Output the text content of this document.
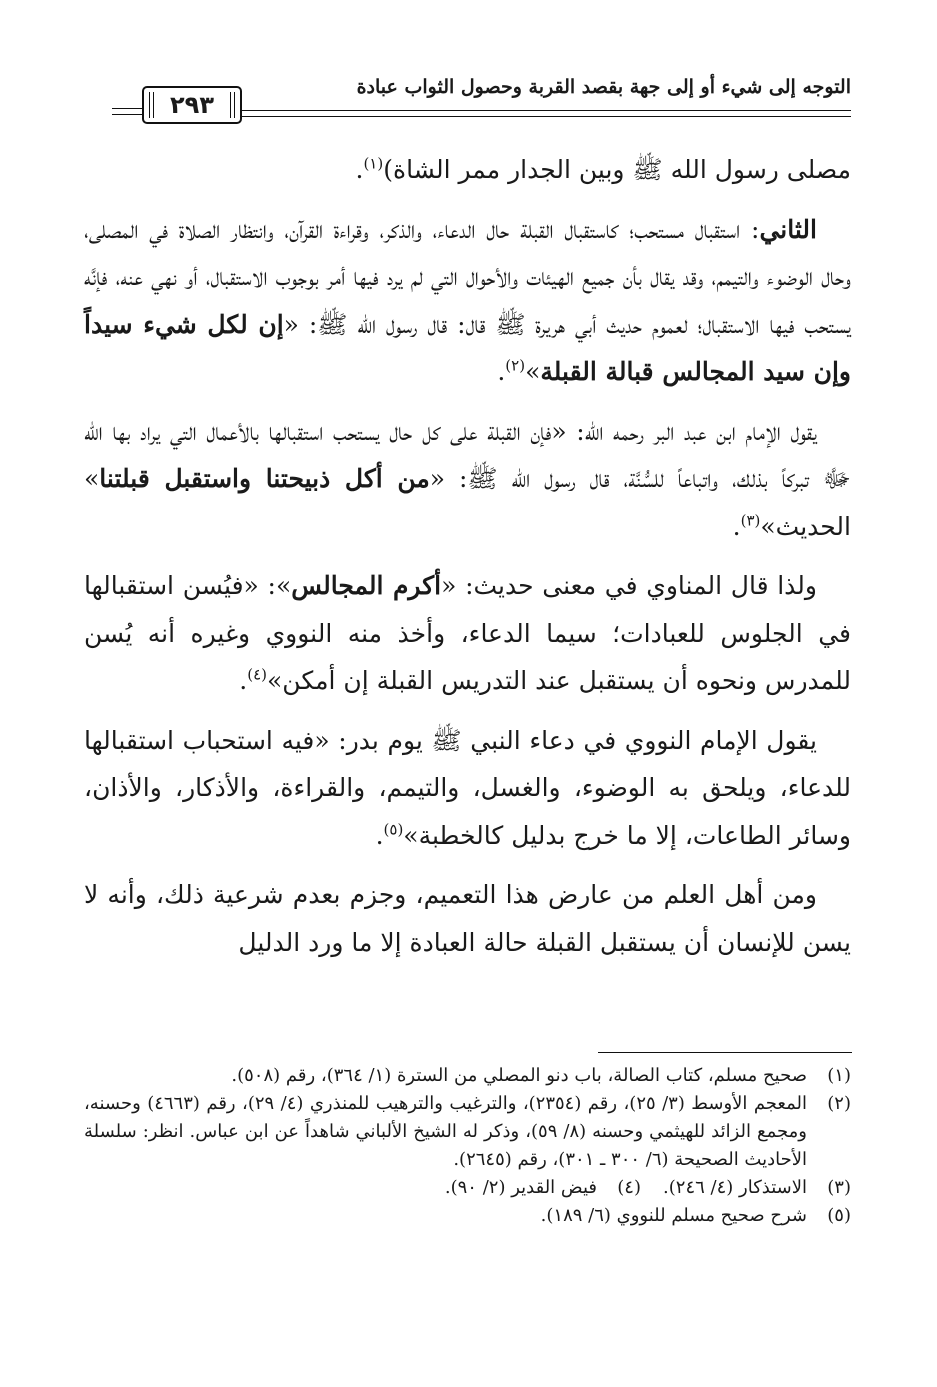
التوجه إلى شيء أو إلى جهة بقصد القربة وحصول الثواب عبادة
٢٩٣

مصلى رسول الله ﷺ وبين الجدار ممر الشاة)$^{(١)}$.

الثاني: استقبال مستحب؛ كاستقبال القبلة حال الدعاء، والذكر، وقراءة القرآن، وانتظار الصلاة في المصلى، وحال الوضوء والتيمم، وقد يقال بأن جميع الهيئات والأحوال التي لم يرد فيها أمر بوجوب الاستقبال، أو نهي عنه، فإنَّه يستحب فيها الاستقبال؛ لعموم حديث أبي هريرة ﷺ قال: قال رسول الله ﷺ: «إن لكل شيء سيداً وإن سيد المجالس قبالة القبلة»$^{(٢)}$.

يقول الإمام ابن عبد البر رحمه الله: «فإن القبلة على كل حال يستحب استقبالها بالأعمال التي يراد بها الله ﷻ تبركاً بذلك، واتباعاً للسُّنَّة، قال رسول الله ﷺ: «من أكل ذبيحتنا واستقبل قبلتنا» الحديث»$^{(٣)}$.

ولذا قال المناوي في معنى حديث: «أكرم المجالس»: «فيُسن استقبالها في الجلوس للعبادات؛ سيما الدعاء، وأخذ منه النووي وغيره أنه يُسن للمدرس ونحوه أن يستقبل عند التدريس القبلة إن أمكن»$^{(٤)}$.

يقول الإمام النووي في دعاء النبي ﷺ يوم بدر: «فيه استحباب استقبالها للدعاء، ويلحق به الوضوء، والغسل، والتيمم، والقراءة، والأذكار، والأذان، وسائر الطاعات، إلا ما خرج بدليل كالخطبة»$^{(٥)}$.

ومن أهل العلم من عارض هذا التعميم، وجزم بعدم شرعية ذلك، وأنه لا يسن للإنسان أن يستقبل القبلة حالة العبادة إلا ما ورد الدليل

(١)
صحيح مسلم، كتاب الصالة، باب دنو المصلي من السترة (١/ ٣٦٤)، رقم (٥٠٨).
(٢)
المعجم الأوسط (٣/ ٢٥)، رقم (٢٣٥٤)، والترغيب والترهيب للمنذري (٤/ ٢٩)، رقم (٤٦٦٣) وحسنه، ومجمع الزائد للهيثمي وحسنه (٨/ ٥٩)، وذكر له الشيخ الألباني شاهداً عن ابن عباس. انظر: سلسلة الأحاديث الصحيحة (٦/ ٣٠٠ ـ ٣٠١)، رقم (٢٦٤٥).
(٣)
الاستذكار (٤/ ٢٤٦).
(٤)
فيض القدير (٢/ ٩٠).
(٥)
شرح صحيح مسلم للنووي (٦/ ١٨٩).
